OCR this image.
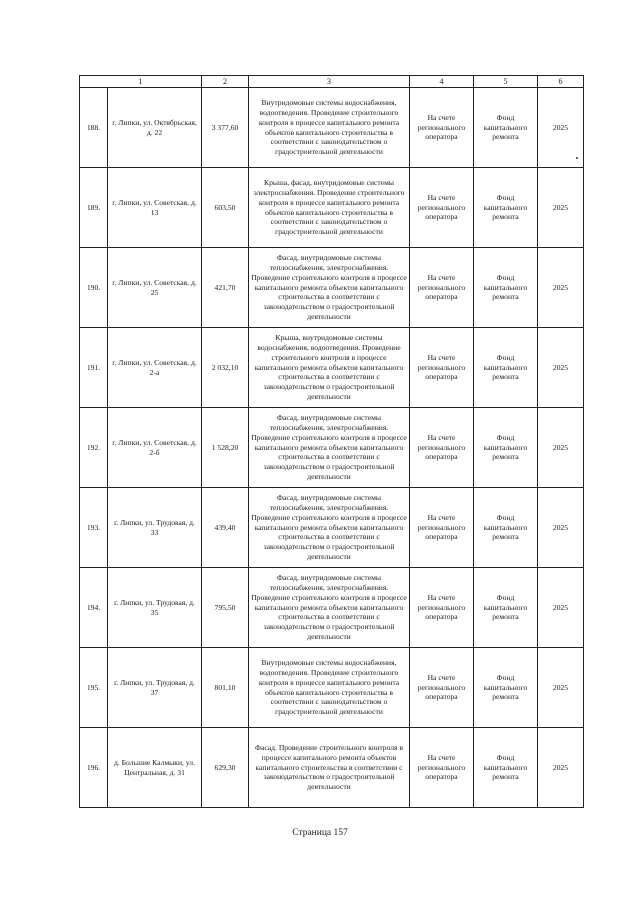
1		2	3	4	5	6
188.	г. Липки, ул. Октябрьская, д. 22	3 377,60	Внутридомовые системы водоснабжения, водоотведения. Проведение строительного контроля в процессе капитального ремонта объектов капитального строительства в соответствии с законодательством о градостроительной деятельности	На счете регионального оператора	Фонд капитального ремонта	2025
189.	г. Липки, ул. Советская, д. 13	603,50	Крыша, фасад, внутридомовые системы электроснабжения. Проведение строительного контроля в процессе капитального ремонта объектов капитального строительства в соответствии с законодательством о градостроительной деятельности	На счете регионального оператора	Фонд капитального ремонта	2025
190.	г. Липки, ул. Советская, д. 25	421,70	Фасад, внутридомовые системы теплоснабжения, электроснабжения. Проведение строительного контроля в процессе капитального ремонта объектов капитального строительства в соответствии с законодательством о градостроительной деятельности	На счете регионального оператора	Фонд капитального ремонта	2025
191.	г. Липки, ул. Советская, д. 2-а	2 032,10	Крыша, внутридомовые системы водоснабжения, водоотведения. Проведение строительного контроля в процессе капитального ремонта объектов капитального строительства в соответствии с законодательством о градостроительной деятельности	На счете регионального оператора	Фонд капитального ремонта	2025
192.	г. Липки, ул. Советская, д. 2-б	1 528,20	Фасад, внутридомовые системы теплоснабжения, электроснабжения. Проведение строительного контроля в процессе капитального ремонта объектов капитального строительства в соответствии с законодательством о градостроительной деятельности	На счете регионального оператора	Фонд капитального ремонта	2025
193.	г. Липки, ул. Трудовая, д. 33	439,40	Фасад, внутридомовые системы теплоснабжения, электроснабжения. Проведение строительного контроля в процессе капитального ремонта объектов капитального строительства в соответствии с законодательством о градостроительной деятельности	На счете регионального оператора	Фонд капитального ремонта	2025
194.	г. Липки, ул. Трудовая, д. 35	795,50	Фасад, внутридомовые системы теплоснабжения, электроснабжения. Проведение строительного контроля в процессе капитального ремонта объектов капитального строительства в соответствии с законодательством о градостроительной деятельности	На счете регионального оператора	Фонд капитального ремонта	2025
195.	г. Липки, ул. Трудовая, д. 37	801,10	Внутридомовые системы водоснабжения, водоотведения. Проведение строительного контроля в процессе капитального ремонта объектов капитального строительства в соответствии с законодательством о градостроительной деятельности	На счете регионального оператора	Фонд капитального ремонта	2025
196.	д. Большие Калмыки, ул. Центральная, д. 31	629,30	Фасад. Проведение строительного контроля в процессе капитального ремонта объектов капитального строительства в соответствии с законодательством о градостроительной деятельности	На счете регионального оператора	Фонд капитального ремонта	2025
Страница 157
